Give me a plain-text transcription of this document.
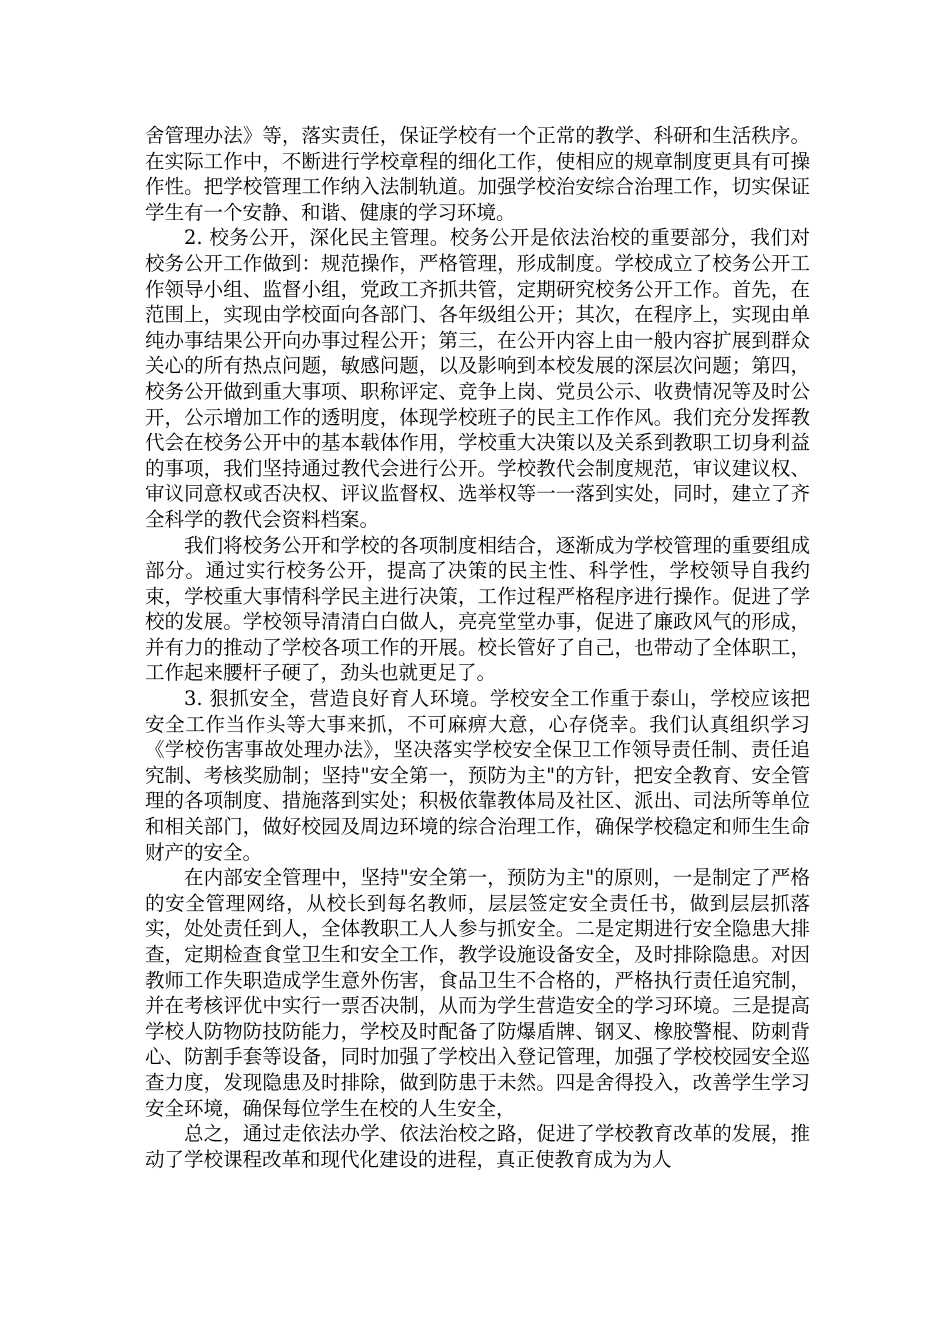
舍管理办法》等，落实责任，保证学校有一个正常的教学、科研和生活秩序。在实际工作中，不断进行学校章程的细化工作，使相应的规章制度更具有可操作性。把学校管理工作纳入法制轨道。加强学校治安综合治理工作，切实保证学生有一个安静、和谐、健康的学习环境。

2. 校务公开，深化民主管理。校务公开是依法治校的重要部分，我们对校务公开工作做到：规范操作，严格管理，形成制度。学校成立了校务公开工作领导小组、监督小组，党政工齐抓共管，定期研究校务公开工作。首先，在范围上，实现由学校面向各部门、各年级组公开；其次，在程序上，实现由单纯办事结果公开向办事过程公开；第三，在公开内容上由一般内容扩展到群众关心的所有热点问题，敏感问题，以及影响到本校发展的深层次问题；第四，校务公开做到重大事项、职称评定、竞争上岗、党员公示、收费情况等及时公开，公示增加工作的透明度，体现学校班子的民主工作作风。我们充分发挥教代会在校务公开中的基本载体作用，学校重大决策以及关系到教职工切身利益的事项，我们坚持通过教代会进行公开。学校教代会制度规范，审议建议权、审议同意权或否决权、评议监督权、选举权等一一落到实处，同时，建立了齐全科学的教代会资料档案。

我们将校务公开和学校的各项制度相结合，逐渐成为学校管理的重要组成部分。通过实行校务公开，提高了决策的民主性、科学性，学校领导自我约束，学校重大事情科学民主进行决策，工作过程严格程序进行操作。促进了学校的发展。学校领导清清白白做人，亮亮堂堂办事，促进了廉政风气的形成，并有力的推动了学校各项工作的开展。校长管好了自己，也带动了全体职工，工作起来腰杆子硬了，劲头也就更足了。

3. 狠抓安全，营造良好育人环境。学校安全工作重于泰山，学校应该把安全工作当作头等大事来抓，不可麻痹大意，心存侥幸。我们认真组织学习《学校伤害事故处理办法》，坚决落实学校安全保卫工作领导责任制、责任追究制、考核奖励制；坚持"安全第一，预防为主"的方针，把安全教育、安全管理的各项制度、措施落到实处；积极依靠教体局及社区、派出、司法所等单位和相关部门，做好校园及周边环境的综合治理工作，确保学校稳定和师生生命财产的安全。

在内部安全管理中，坚持"安全第一，预防为主"的原则，一是制定了严格的安全管理网络，从校长到每名教师，层层签定安全责任书，做到层层抓落实，处处责任到人，全体教职工人人参与抓安全。二是定期进行安全隐患大排查，定期检查食堂卫生和安全工作，教学设施设备安全，及时排除隐患。对因教师工作失职造成学生意外伤害，食品卫生不合格的，严格执行责任追究制，并在考核评优中实行一票否决制，从而为学生营造安全的学习环境。三是提高学校人防物防技防能力，学校及时配备了防爆盾牌、钢叉、橡胶警棍、防刺背心、防割手套等设备，同时加强了学校出入登记管理，加强了学校校园安全巡查力度，发现隐患及时排除，做到防患于未然。四是舍得投入，改善学生学习安全环境，确保每位学生在校的人生安全，

总之，通过走依法办学、依法治校之路，促进了学校教育改革的发展，推动了学校课程改革和现代化建设的进程，真正使教育成为为人
